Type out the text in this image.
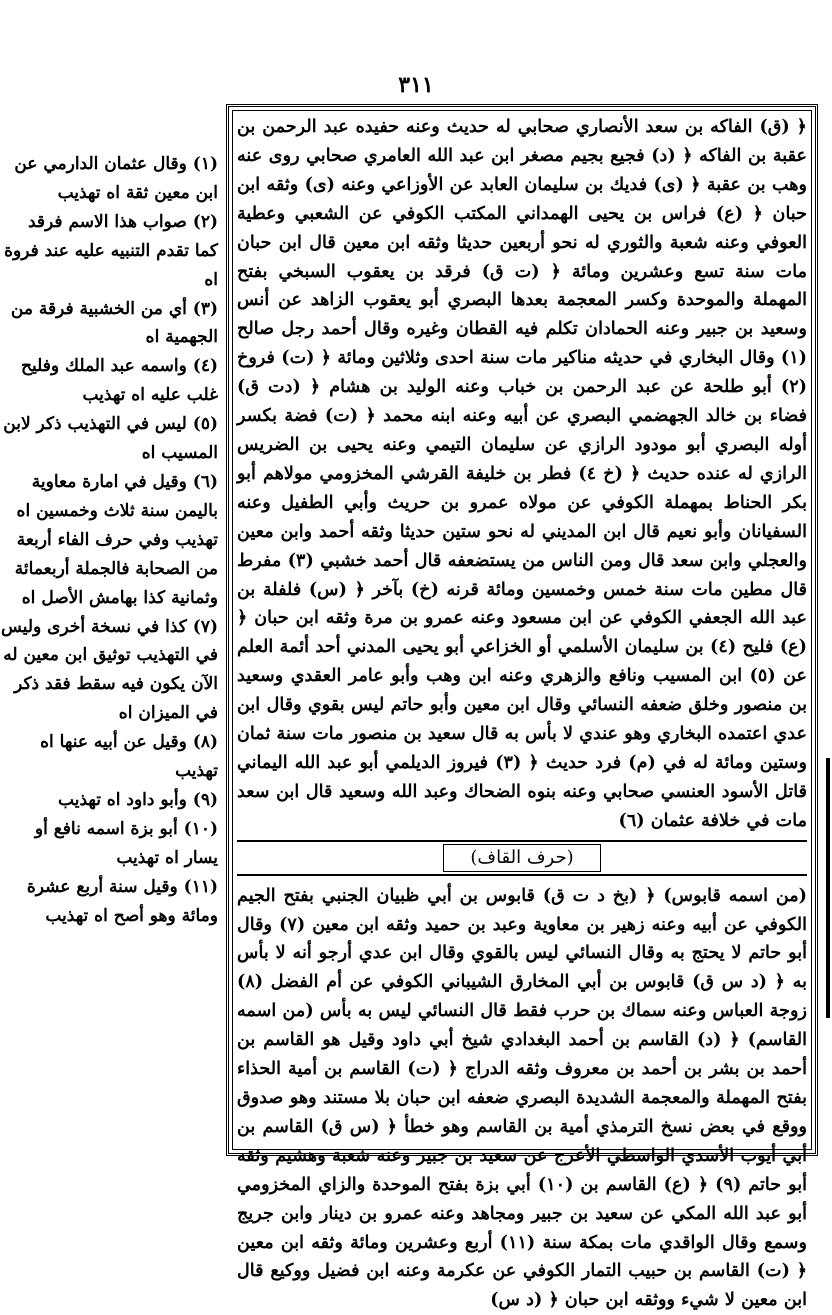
٣١١

(١) وقال عثمان الدارمي عن ابن معين ثقة اه تهذيب

(٢) صواب هذا الاسم فرقد كما تقدم التنبيه عليه عند فروة اه

(٣) أي من الخشبية فرقة من الجهمية اه

(٤) واسمه عبد الملك وفليح غلب عليه اه تهذيب

(٥) ليس في التهذيب ذكر لابن المسيب اه

(٦) وقيل في امارة معاوية باليمن سنة ثلاث وخمسين اه تهذيب وفي حرف الفاء أربعة من الصحابة فالجملة أربعمائة وثمانية كذا بهامش الأصل اه

(٧) كذا في نسخة أخرى وليس في التهذيب توثيق ابن معين له الآن يكون فيه سقط فقد ذكر في الميزان اه

(٨) وقيل عن أبيه عنها اه تهذيب

(٩) وأبو داود اه تهذيب

(١٠) أبو بزة اسمه نافع أو يسار اه تهذيب

(١١) وقيل سنة أربع عشرة ومائة وهو أصح اه تهذيب

﴿ (ق) الفاكه بن سعد الأنصاري صحابي له حديث وعنه حفيده عبد الرحمن بن عقبة بن الفاكه ﴿ (د) فجيع بجيم مصغر ابن عبد الله العامري صحابي روى عنه وهب بن عقبة ﴿ (ى) فديك بن سليمان العابد عن الأوزاعي وعنه (ى) وثقه ابن حبان ﴿ (ع) فراس بن يحيى الهمداني المكتب الكوفي عن الشعبي وعطية العوفي وعنه شعبة والثوري له نحو أربعين حديثا وثقه ابن معين قال ابن حبان مات سنة تسع وعشرين ومائة ﴿ (ت ق) فرقد بن يعقوب السبخي بفتح المهملة والموحدة وكسر المعجمة بعدها البصري أبو يعقوب الزاهد عن أنس وسعيد بن جبير وعنه الحمادان تكلم فيه القطان وغيره وقال أحمد رجل صالح (١) وقال البخاري في حديثه مناكير مات سنة احدى وثلاثين ومائة ﴿ (ت) فروخ (٢) أبو طلحة عن عبد الرحمن بن خباب وعنه الوليد بن هشام ﴿ (دت ق) فضاء بن خالد الجهضمي البصري عن أبيه وعنه ابنه محمد ﴿ (ت) فضة بكسر أوله البصري أبو مودود الرازي عن سليمان التيمي وعنه يحيى بن الضريس الرازي له عنده حديث ﴿ (خ ٤) فطر بن خليفة القرشي المخزومي مولاهم أبو بكر الحناط بمهملة الكوفي عن مولاه عمرو بن حريث وأبي الطفيل وعنه السفيانان وأبو نعيم قال ابن المديني له نحو ستين حديثا وثقه أحمد وابن معين والعجلي وابن سعد قال ومن الناس من يستضعفه قال أحمد خشبي (٣) مفرط قال مطين مات سنة خمس وخمسين ومائة قرنه (خ) بآخر ﴿ (س) فلفلة بن عبد الله الجعفي الكوفي عن ابن مسعود وعنه عمرو بن مرة وثقه ابن حبان ﴿ (ع) فليح (٤) بن سليمان الأسلمي أو الخزاعي أبو يحيى المدني أحد أئمة العلم عن (٥) ابن المسيب ونافع والزهري وعنه ابن وهب وأبو عامر العقدي وسعيد بن منصور وخلق ضعفه النسائي وقال ابن معين وأبو حاتم ليس بقوي وقال ابن عدي اعتمده البخاري وهو عندي لا بأس به قال سعيد بن منصور مات سنة ثمان وستين ومائة له في (م) فرد حديث ﴿ (٣) فيروز الديلمي أبو عبد الله اليماني قاتل الأسود العنسي صحابي وعنه بنوه الضحاك وعبد الله وسعيد قال ابن سعد مات في خلافة عثمان (٦)
(حرف القاف)
(من اسمه قابوس) ﴿ (بخ د ت ق) قابوس بن أبي ظبيان الجنبي بفتح الجيم الكوفي عن أبيه وعنه زهير بن معاوية وعبد بن حميد وثقه ابن معين (٧) وقال أبو حاتم لا يحتج به وقال النسائي ليس بالقوي وقال ابن عدي أرجو أنه لا بأس به ﴿ (د س ق) قابوس بن أبي المخارق الشيباني الكوفي عن أم الفضل (٨) زوجة العباس وعنه سماك بن حرب فقط قال النسائي ليس به بأس (من اسمه القاسم) ﴿ (د) القاسم بن أحمد البغدادي شيخ أبي داود وقيل هو القاسم بن أحمد بن بشر بن أحمد بن معروف وثقه الدراج ﴿ (ت) القاسم بن أمية الحذاء بفتح المهملة والمعجمة الشديدة البصري ضعفه ابن حبان بلا مستند وهو صدوق ووقع في بعض نسخ الترمذي أمية بن القاسم وهو خطأ ﴿ (س ق) القاسم بن أبي أيوب الأسدي الواسطي الأعرج عن سعيد بن جبير وعنه شعبة وهشيم وثقه أبو حاتم (٩) ﴿ (ع) القاسم بن (١٠) أبي بزة بفتح الموحدة والزاي المخزومي أبو عبد الله المكي عن سعيد بن جبير ومجاهد وعنه عمرو بن دينار وابن جريج وسمع وقال الواقدي مات بمكة سنة (١١) أربع وعشرين ومائة وثقه ابن معين ﴿ (ت) القاسم بن حبيب التمار الكوفي عن عكرمة وعنه ابن فضيل ووكيع قال ابن معين لا شيء ووثقه ابن حبان ﴿ (د س)
